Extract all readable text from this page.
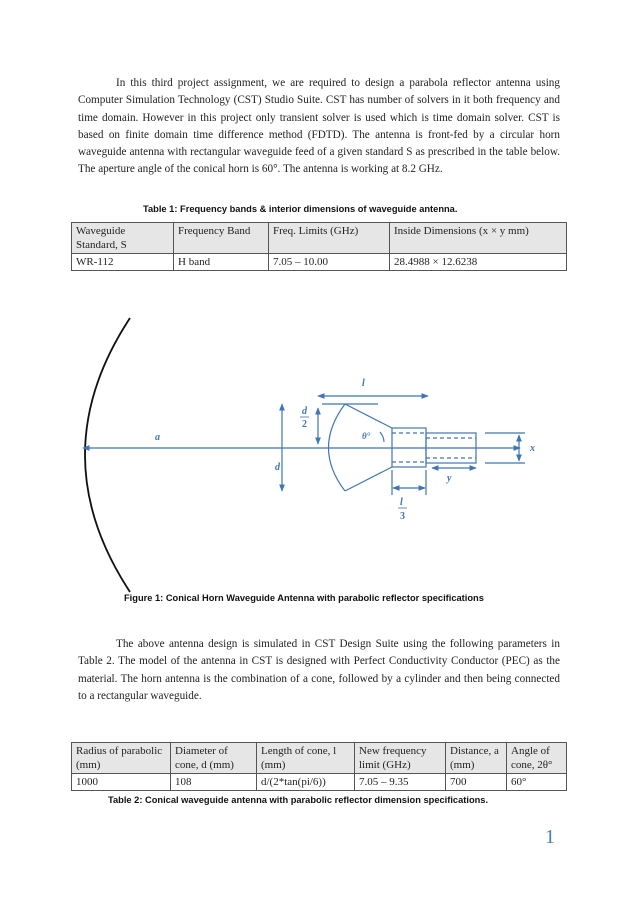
In this third project assignment, we are required to design a parabola reflector antenna using Computer Simulation Technology (CST) Studio Suite. CST has number of solvers in it both frequency and time domain. However in this project only transient solver is used which is time domain solver. CST is based on finite domain time difference method (FDTD). The antenna is front-fed by a circular horn waveguide antenna with rectangular waveguide feed of a given standard S as prescribed in the table below. The aperture angle of the conical horn is 60°. The antenna is working at 8.2 GHz.

Table 1: Frequency bands & interior dimensions of waveguide antenna.
Waveguide Standard, S	Frequency Band	Freq. Limits (GHz)	Inside Dimensions (x × y mm)
WR-112	H band	7.05 – 10.00	28.4988 × 12.6238
a
l
d
2
d
θ°
x
y
l
3
Figure 1: Conical Horn Waveguide Antenna with parabolic reflector specifications

The above antenna design is simulated in CST Design Suite using the following parameters in Table 2. The model of the antenna in CST is designed with Perfect Conductivity Conductor (PEC) as the material. The horn antenna is the combination of a cone, followed by a cylinder and then being connected to a rectangular waveguide.

Radius of parabolic (mm)	Diameter of cone, d (mm)	Length of cone, l (mm)	New frequency limit (GHz)	Distance, a (mm)	Angle of cone, 2θ°
1000	108	d/(2*tan(pi/6))	7.05 – 9.35	700	60°
Table 2: Conical waveguide antenna with parabolic reflector dimension specifications.
1
